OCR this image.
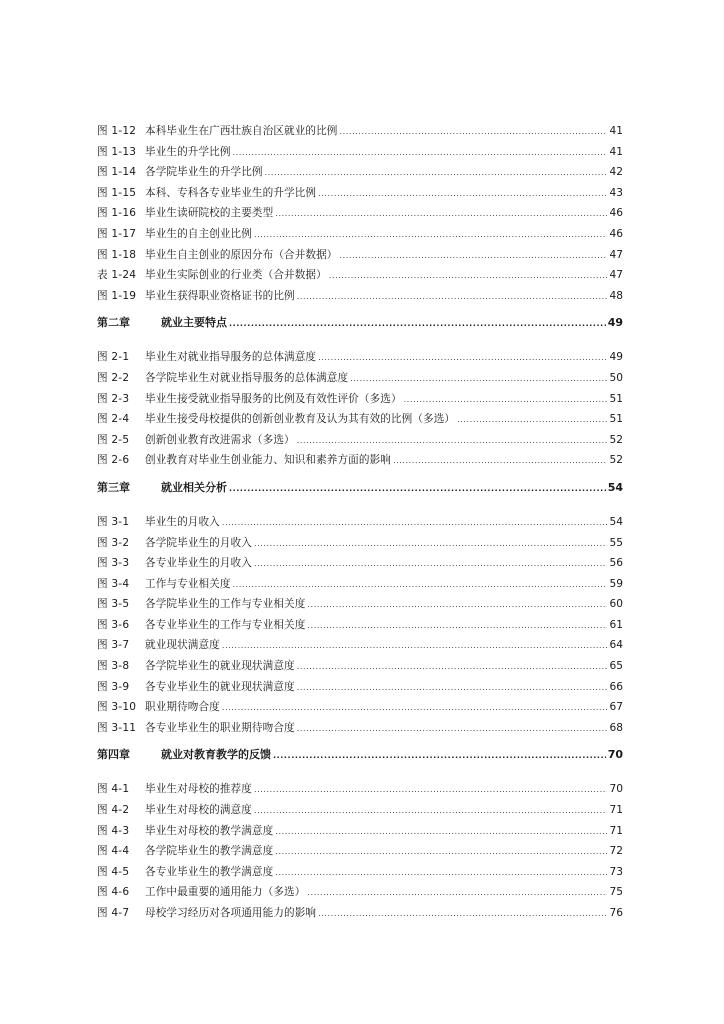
图 1-12 本科毕业生在广西壮族自治区就业的比例 .....	41
图 1-13 毕业生的升学比例 .....	41
图 1-14 各学院毕业生的升学比例 .....	42
图 1-15 本科、专科各专业毕业生的升学比例 .....	43
图 1-16 毕业生读研院校的主要类型 .....	46
图 1-17 毕业生的自主创业比例 .....	46
图 1-18 毕业生自主创业的原因分布（合并数据） .....	47
表 1-24 毕业生实际创业的行业类（合并数据） .....	47
图 1-19 毕业生获得职业资格证书的比例 .....	48
第二章	就业主要特点 .....	49
图 2-1	毕业生对就业指导服务的总体满意度 .....	49
图 2-2	各学院毕业生对就业指导服务的总体满意度 .....	50
图 2-3	毕业生接受就业指导服务的比例及有效性评价（多选） .....	51
图 2-4	毕业生接受母校提供的创新创业教育及认为其有效的比例（多选） .....	51
图 2-5	创新创业教育改进需求（多选） .....	52
图 2-6	创业教育对毕业生创业能力、知识和素养方面的影响 .....	52
第三章	就业相关分析 .....	54
图 3-1	毕业生的月收入 .....	54
图 3-2	各学院毕业生的月收入 .....	55
图 3-3	各专业毕业生的月收入 .....	56
图 3-4	工作与专业相关度 .....	59
图 3-5	各学院毕业生的工作与专业相关度 .....	60
图 3-6	各专业毕业生的工作与专业相关度 .....	61
图 3-7	就业现状满意度 .....	64
图 3-8	各学院毕业生的就业现状满意度 .....	65
图 3-9	各专业毕业生的就业现状满意度 .....	66
图 3-10 职业期待吻合度 .....	67
图 3-11 各专业毕业生的职业期待吻合度 .....	68
第四章	就业对教育教学的反馈 .....	70
图 4-1	毕业生对母校的推荐度 .....	70
图 4-2	毕业生对母校的满意度 .....	71
图 4-3	毕业生对母校的教学满意度 .....	71
图 4-4	各学院毕业生的教学满意度 .....	72
图 4-5	各专业毕业生的教学满意度 .....	73
图 4-6	工作中最重要的通用能力（多选） .....	75
图 4-7	母校学习经历对各项通用能力的影响 .....	76
